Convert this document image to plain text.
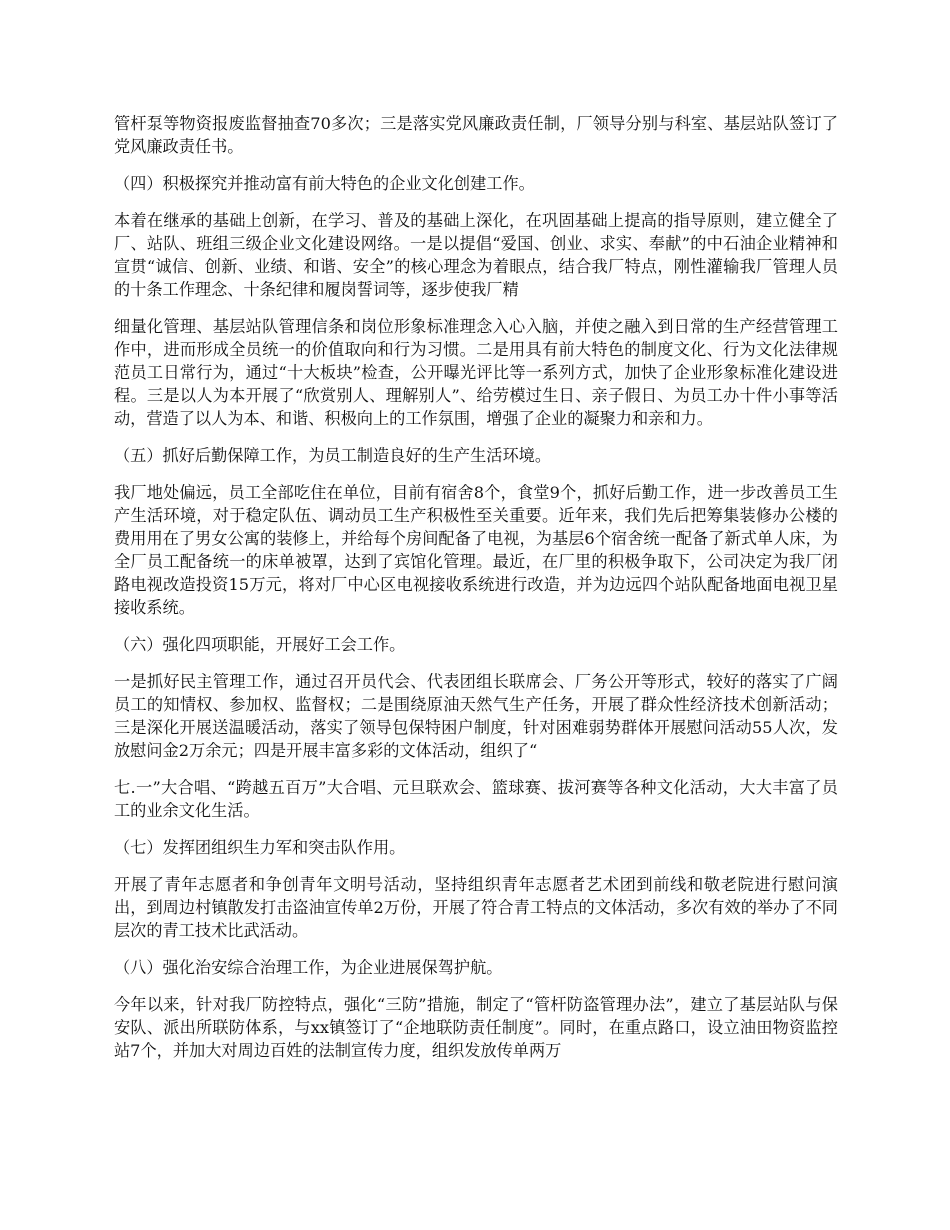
管杆泵等物资报废监督抽查70多次；三是落实党风廉政责任制，厂领导分别与科室、基层站队签订了党风廉政责任书。

（四）积极探究并推动富有前大特色的企业文化创建工作。

本着在继承的基础上创新，在学习、普及的基础上深化，在巩固基础上提高的指导原则，建立健全了厂、站队、班组三级企业文化建设网络。一是以提倡“爱国、创业、求实、奉献”的中石油企业精神和宣贯“诚信、创新、业绩、和谐、安全”的核心理念为着眼点，结合我厂特点，刚性灌输我厂管理人员的十条工作理念、十条纪律和履岗誓词等，逐步使我厂精

细量化管理、基层站队管理信条和岗位形象标准理念入心入脑，并使之融入到日常的生产经营管理工作中，进而形成全员统一的价值取向和行为习惯。二是用具有前大特色的制度文化、行为文化法律规范员工日常行为，通过“十大板块”检查，公开曝光评比等一系列方式，加快了企业形象标准化建设进程。三是以人为本开展了“欣赏别人、理解别人”、给劳模过生日、亲子假日、为员工办十件小事等活动，营造了以人为本、和谐、积极向上的工作氛围，增强了企业的凝聚力和亲和力。

（五）抓好后勤保障工作，为员工制造良好的生产生活环境。

我厂地处偏远，员工全部吃住在单位，目前有宿舍8个，食堂9个，抓好后勤工作，进一步改善员工生产生活环境，对于稳定队伍、调动员工生产积极性至关重要。近年来，我们先后把筹集装修办公楼的费用用在了男女公寓的装修上，并给每个房间配备了电视，为基层6个宿舍统一配备了新式单人床，为全厂员工配备统一的床单被罩，达到了宾馆化管理。最近，在厂里的积极争取下，公司决定为我厂闭路电视改造投资15万元，将对厂中心区电视接收系统进行改造，并为边远四个站队配备地面电视卫星接收系统。

（六）强化四项职能，开展好工会工作。

一是抓好民主管理工作，通过召开员代会、代表团组长联席会、厂务公开等形式，较好的落实了广阔员工的知情权、参加权、监督权；二是围绕原油天然气生产任务，开展了群众性经济技术创新活动；三是深化开展送温暖活动，落实了领导包保特困户制度，针对困难弱势群体开展慰问活动55人次，发放慰问金2万余元；四是开展丰富多彩的文体活动，组织了“

七.一”大合唱、“跨越五百万”大合唱、元旦联欢会、篮球赛、拔河赛等各种文化活动，大大丰富了员工的业余文化生活。

（七）发挥团组织生力军和突击队作用。

开展了青年志愿者和争创青年文明号活动，坚持组织青年志愿者艺术团到前线和敬老院进行慰问演出，到周边村镇散发打击盗油宣传单2万份，开展了符合青工特点的文体活动，多次有效的举办了不同层次的青工技术比武活动。

（八）强化治安综合治理工作，为企业进展保驾护航。

今年以来，针对我厂防控特点，强化“三防”措施，制定了“管杆防盗管理办法”，建立了基层站队与保安队、派出所联防体系，与xx镇签订了“企地联防责任制度”。同时，在重点路口，设立油田物资监控站7个，并加大对周边百姓的法制宣传力度，组织发放传单两万
